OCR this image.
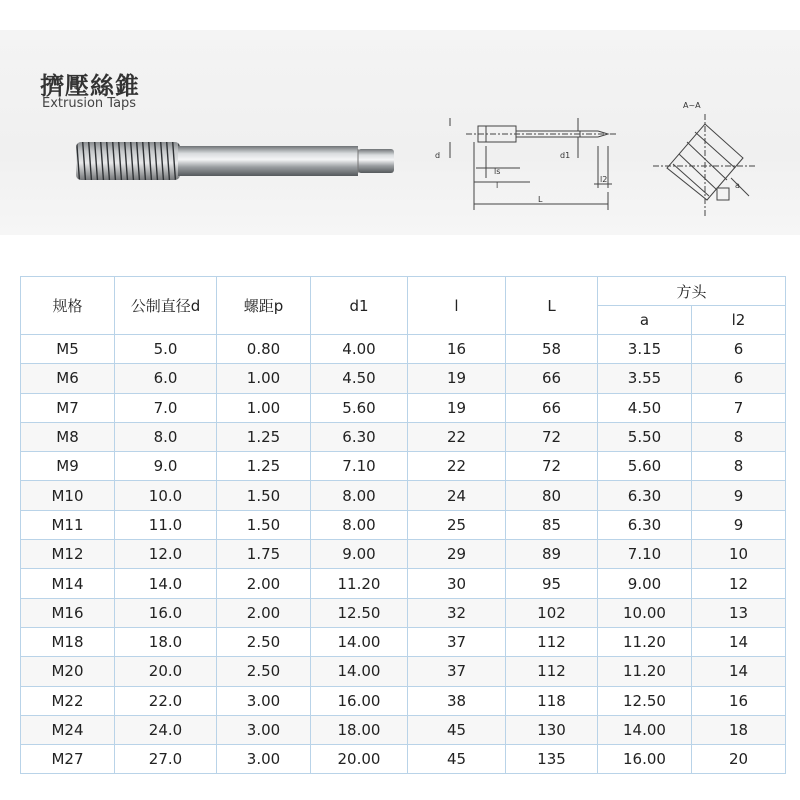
擠壓絲錐
Extrusion Taps
d
ls
l
d1
l2
L
A~A
a
规格	公制直径d	螺距p	d1	l	L	方头	
						a	l2
M5	5.0	0.80	4.00	16	58	3.15	6
M6	6.0	1.00	4.50	19	66	3.55	6
M7	7.0	1.00	5.60	19	66	4.50	7
M8	8.0	1.25	6.30	22	72	5.50	8
M9	9.0	1.25	7.10	22	72	5.60	8
M10	10.0	1.50	8.00	24	80	6.30	9
M11	11.0	1.50	8.00	25	85	6.30	9
M12	12.0	1.75	9.00	29	89	7.10	10
M14	14.0	2.00	11.20	30	95	9.00	12
M16	16.0	2.00	12.50	32	102	10.00	13
M18	18.0	2.50	14.00	37	112	11.20	14
M20	20.0	2.50	14.00	37	112	11.20	14
M22	22.0	3.00	16.00	38	118	12.50	16
M24	24.0	3.00	18.00	45	130	14.00	18
M27	27.0	3.00	20.00	45	135	16.00	20
